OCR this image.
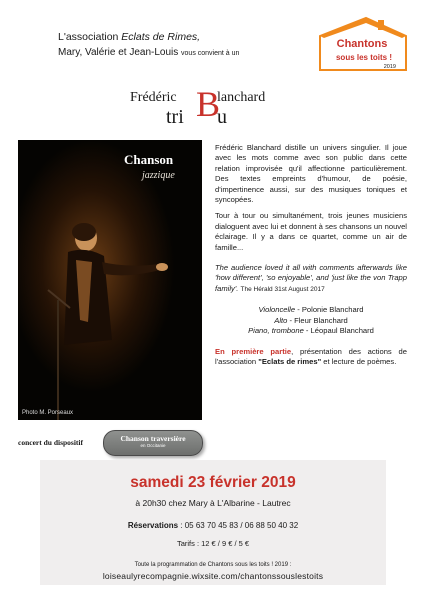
L'association Eclats de Rimes,
Mary, Valérie et Jean-Louis vous convient à un
Chantons
sous les toits !
2019
Frédéric B
lanchard
tri u
Chanson
jazzique
Photo M. Porseaux

Frédéric Blanchard distille un univers singulier. Il joue avec les mots comme avec son public dans cette relation improvisée qu'il affectionne particulièrement. Des textes empreints d'humour, de poésie, d'impertinence aussi, sur des musiques toniques et syncopées.

Tour à tour ou simultanément, trois jeunes musiciens dialoguent avec lui et donnent à ses chansons un nouvel éclairage. Il y a dans ce quartet, comme un air de famille...

The audience loved it all with comments afterwards like 'how different', 'so enjoyable', and 'just like the von Trapp family'. The Hérald 31st August 2017

Violoncelle - Polonie Blanchard
Alto - Fleur Blanchard
Piano, trombone - Léopaul Blanchard

En première partie, présentation des actions de l'association "Eclats de rimes" et lecture de poèmes.

concert du dispositif	Chanson traversière
en Occitanie
samedi 23 février 2019
à 20h30 chez Mary à L'Albarine - Lautrec
Réservations : 05 63 70 45 83 / 06 88 50 40 32
Tarifs : 12 € / 9 € / 5 €
Toute la programmation de Chantons sous les toits ! 2019 :
loiseaulyrecompagnie.wixsite.com/chantonssouslestoits
